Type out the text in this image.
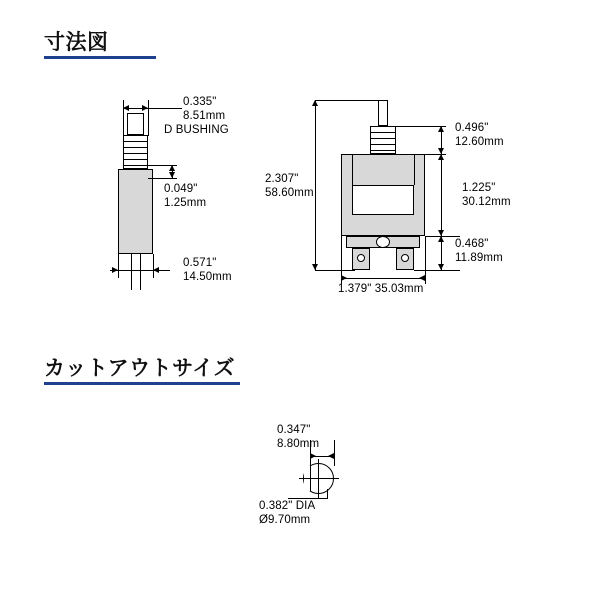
寸法図
0.335"
8.51mm
D BUSHING
0.049"
1.25mm
0.571"
14.50mm
2.307"
58.60mm
0.496"
12.60mm
1.225"
30.12mm
0.468"
11.89mm
1.379" 35.03mm
カットアウトサイズ
0.347"
8.80mm
0.382" DIA
Ø9.70mm
